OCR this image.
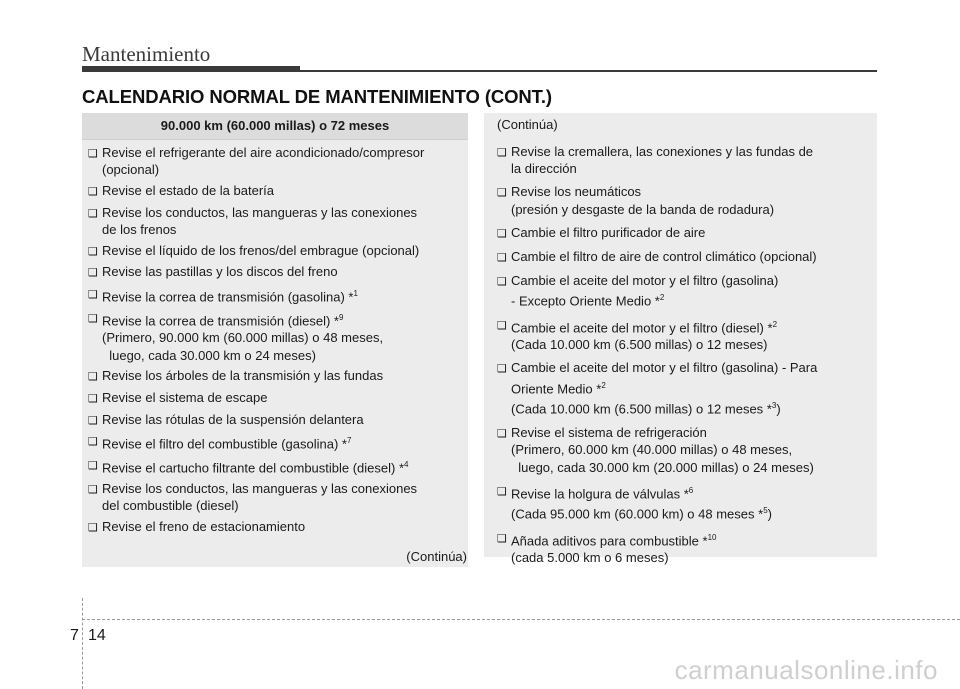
Mantenimiento
CALENDARIO NORMAL DE MANTENIMIENTO (CONT.)
90.000 km (60.000 millas) o 72 meses
❑ Revise el refrigerante del aire acondicionado/compresor
(opcional)
❑ Revise el estado de la batería
❑ Revise los conductos, las mangueras y las conexiones
de los frenos
❑ Revise el líquido de los frenos/del embrague (opcional)
❑ Revise las pastillas y los discos del freno
❑ Revise la correa de transmisión (gasolina) *$^1$
❑ Revise la correa de transmisión (diesel) *$^9$
(Primero, 90.000 km (60.000 millas) o 48 meses,
luego, cada 30.000 km o 24 meses)
❑ Revise los árboles de la transmisión y las fundas
❑ Revise el sistema de escape
❑ Revise las rótulas de la suspensión delantera
❑ Revise el filtro del combustible (gasolina) *$^7$
❑ Revise el cartucho filtrante del combustible (diesel) *$^4$
❑ Revise los conductos, las mangueras y las conexiones
del combustible (diesel)
❑ Revise el freno de estacionamiento
(Continúa)
(Continúa)
❑ Revise la cremallera, las conexiones y las fundas de
la dirección
❑ Revise los neumáticos
(presión y desgaste de la banda de rodadura)
❑ Cambie el filtro purificador de aire
❑ Cambie el filtro de aire de control climático (opcional)
❑ Cambie el aceite del motor y el filtro (gasolina)
- Excepto Oriente Medio *$^2$
❑ Cambie el aceite del motor y el filtro (diesel) *$^2$
(Cada 10.000 km (6.500 millas) o 12 meses)
❑ Cambie el aceite del motor y el filtro (gasolina) - Para
Oriente Medio *$^2$
(Cada 10.000 km (6.500 millas) o 12 meses *$^3$)
❑ Revise el sistema de refrigeración
(Primero, 60.000 km (40.000 millas) o 48 meses,
luego, cada 30.000 km (20.000 millas) o 24 meses)
❑ Revise la holgura de válvulas *$^6$
(Cada 95.000 km (60.000 km) o 48 meses *$^5$)
❑ Añada aditivos para combustible *$^{10}$
(cada 5.000 km o 6 meses)
7 14
carmanualsonline.info
